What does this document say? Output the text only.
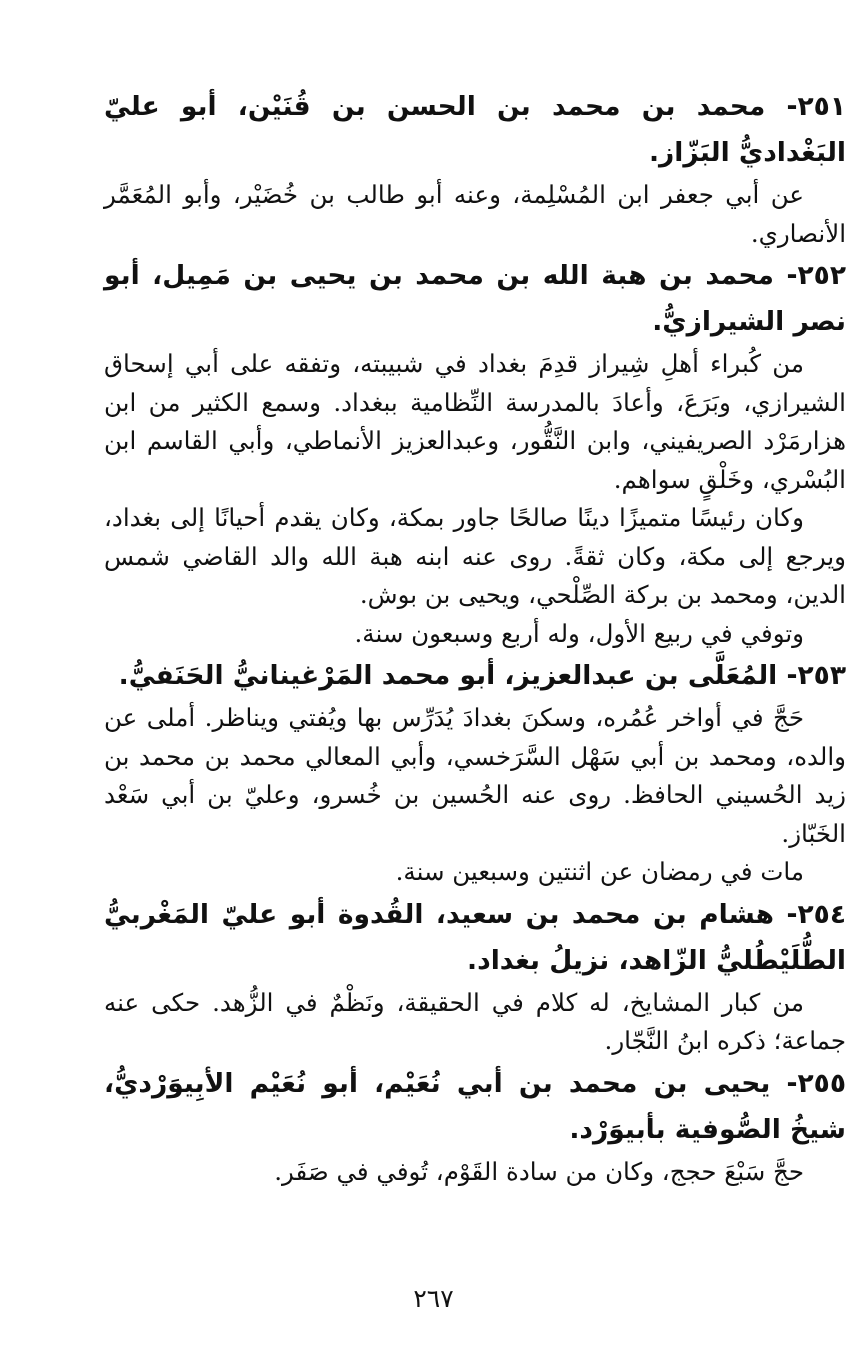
٢٥١- محمد بن محمد بن الحسن بن قُنَيْن، أبو عليّ البَغْداديُّ البَزّاز.

عن أبي جعفر ابن المُسْلِمة، وعنه أبو طالب بن خُضَيْر، وأبو المُعَمَّر الأنصاري.

٢٥٢- محمد بن هبة الله بن محمد بن يحيى بن مَمِيل، أبو نصر الشيرازيُّ.

من كُبراء أهلِ شِيراز قدِمَ بغداد في شبيبته، وتفقه على أبي إسحاق الشيرازي، وبَرَعَ، وأعادَ بالمدرسة النِّظامية ببغداد. وسمع الكثير من ابن هزارمَرْد الصريفيني، وابن النَّقُّور، وعبدالعزيز الأنماطي، وأبي القاسم ابن البُسْري، وخَلْقٍ سواهم.

وكان رئيسًا متميزًا دينًا صالحًا جاور بمكة، وكان يقدم أحيانًا إلى بغداد، ويرجع إلى مكة، وكان ثقةً. روى عنه ابنه هبة الله والد القاضي شمس الدين، ومحمد بن بركة الصِّلْحي، ويحيى بن بوش.

وتوفي في ربيع الأول، وله أربع وسبعون سنة.

٢٥٣- المُعَلَّى بن عبدالعزيز، أبو محمد المَرْغينانيُّ الحَنَفيُّ.

حَجَّ في أواخر عُمُره، وسكنَ بغدادَ يُدَرِّس بها ويُفتي ويناظر. أملى عن والده، ومحمد بن أبي سَهْل السَّرَخسي، وأبي المعالي محمد بن محمد بن زيد الحُسيني الحافظ. روى عنه الحُسين بن خُسرو، وعليّ بن أبي سَعْد الخَبّاز.

مات في رمضان عن اثنتين وسبعين سنة.

٢٥٤- هشام بن محمد بن سعيد، القُدوة أبو عليّ المَغْربيُّ الطُّلَيْطُليُّ الزّاهد، نزيلُ بغداد.

من كبار المشايخ، له كلام في الحقيقة، ونَظْمٌ في الزُّهد. حكى عنه جماعة؛ ذكره ابنُ النَّجّار.

٢٥٥- يحيى بن محمد بن أبي نُعَيْم، أبو نُعَيْم الأبِيوَرْديُّ، شيخُ الصُّوفية بأبيوَرْد.

حجَّ سَبْعَ حجج، وكان من سادة القَوْم، تُوفي في صَفَر.

٢٦٧
